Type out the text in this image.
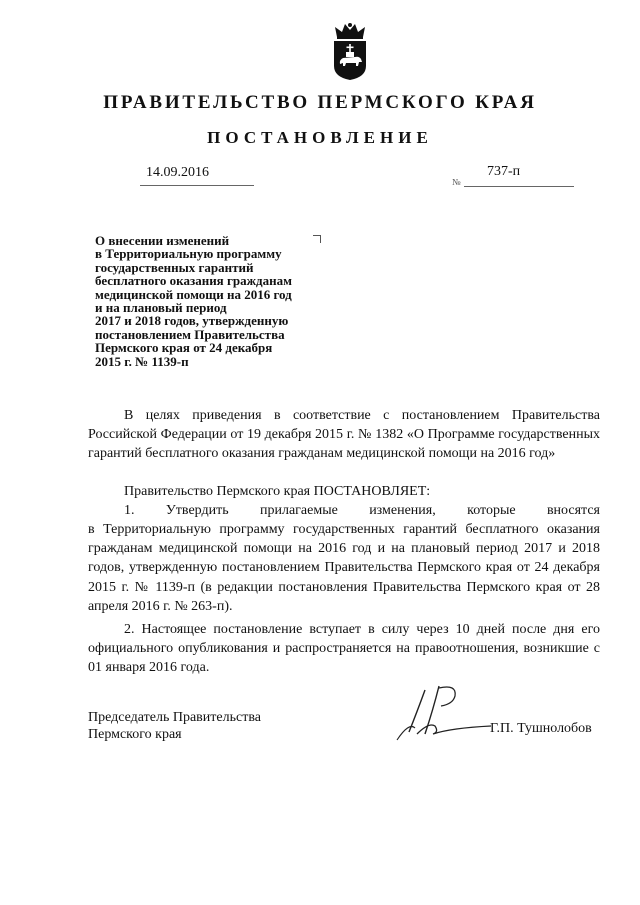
ПРАВИТЕЛЬСТВО ПЕРМСКОГО КРАЯ
ПОСТАНОВЛЕНИЕ
14.09.2016	737-п
№
О внесении изменений
в Территориальную программу
государственных гарантий
бесплатного оказания гражданам
медицинской помощи на 2016 год
и на плановый период
2017 и 2018 годов, утвержденную
постановлением Правительства
Пермского края от 24 декабря
2015 г. № 1139-п
В целях приведения в соответствие с постановлением Правительства Российской Федерации от 19 декабря 2015 г. № 1382 «О Программе государственных гарантий бесплатного оказания гражданам медицинской помощи на 2016 год»
Правительство Пермского края ПОСТАНОВЛЯЕТ:
1. Утвердить прилагаемые изменения, которые вносятся
в Территориальную программу государственных гарантий бесплатного оказания гражданам медицинской помощи на 2016 год и на плановый период 2017 и 2018 годов, утвержденную постановлением Правительства Пермского края от 24 декабря 2015 г. № 1139-п (в редакции постановления Правительства Пермского края от 28 апреля 2016 г. № 263-п).
2. Настоящее постановление вступает в силу через 10 дней после дня его официального опубликования и распространяется на правоотношения, возникшие с 01 января 2016 года.
Председатель Правительства
Пермского края	Г.П. Тушнолобов
